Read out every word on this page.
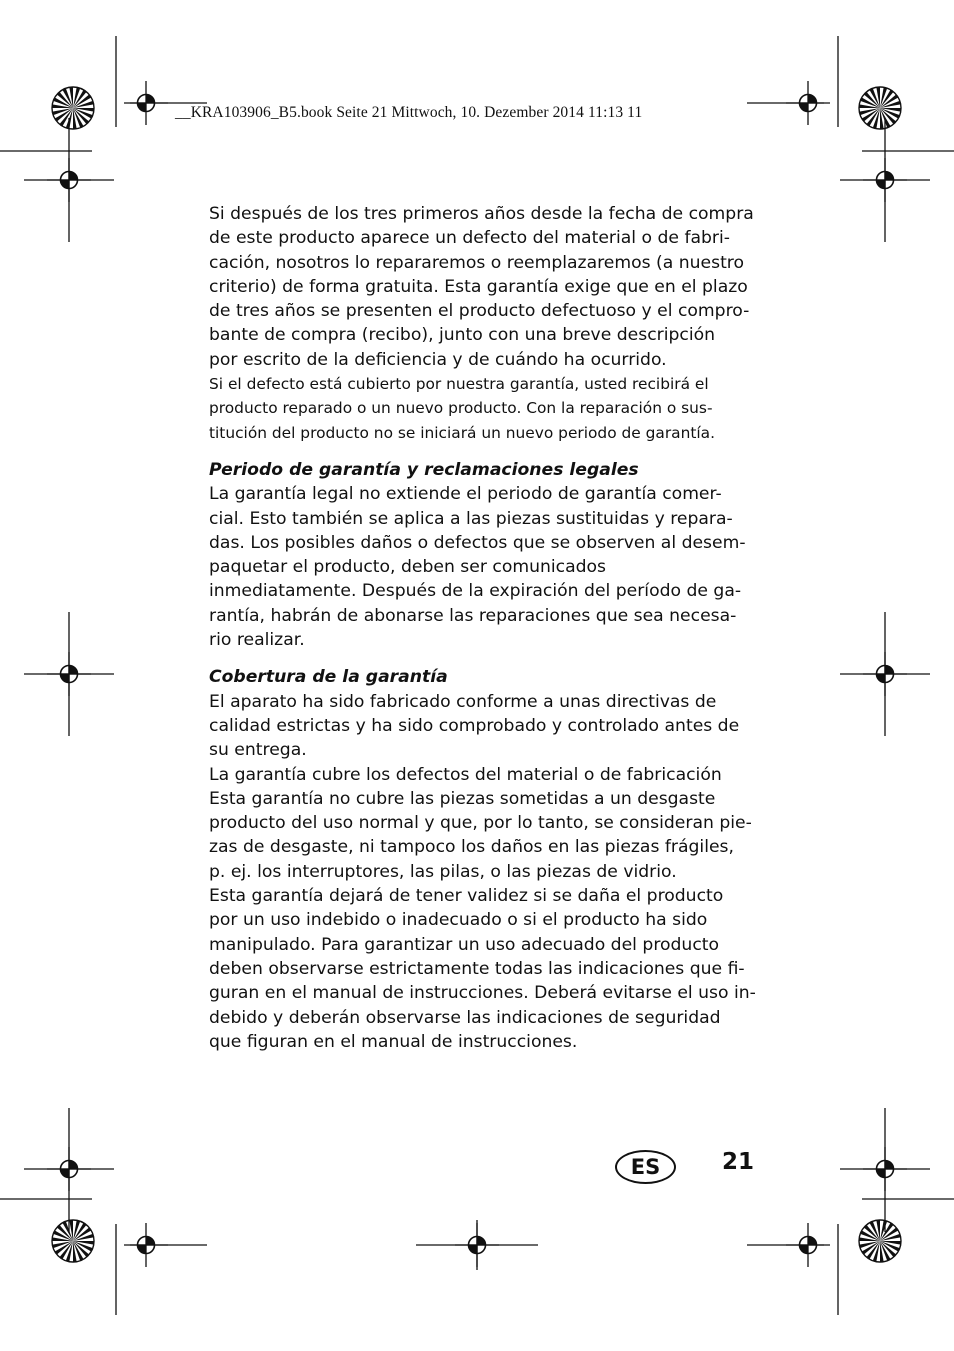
__KRA103906_B5.book Seite 21 Mittwoch, 10. Dezember 2014 11:13 11
Si después de los tres primeros años desde la fecha de compra
de este producto aparece un defecto del material o de fabri-
cación, nosotros lo repararemos o reemplazaremos (a nuestro
criterio) de forma gratuita. Esta garantía exige que en el plazo
de tres años se presenten el producto defectuoso y el compro-
bante de compra (recibo), junto con una breve descripción
por escrito de la deficiencia y de cuándo ha ocurrido.
Si el defecto está cubierto por nuestra garantía, usted recibirá el
producto reparado o un nuevo producto. Con la reparación o sus-
titución del producto no se iniciará un nuevo periodo de garantía.
Periodo de garantía y reclamaciones legales
La garantía legal no extiende el periodo de garantía comer-
cial. Esto también se aplica a las piezas sustituidas y repara-
das. Los posibles daños o defectos que se observen al desem-
paquetar el producto, deben ser comunicados
inmediatamente. Después de la expiración del período de ga-
rantía, habrán de abonarse las reparaciones que sea necesa-
rio realizar.
Cobertura de la garantía
El aparato ha sido fabricado conforme a unas directivas de
calidad estrictas y ha sido comprobado y controlado antes de
su entrega.
La garantía cubre los defectos del material o de fabricación
Esta garantía no cubre las piezas sometidas a un desgaste
producto del uso normal y que, por lo tanto, se consideran pie-
zas de desgaste, ni tampoco los daños en las piezas frágiles,
p. ej. los interruptores, las pilas, o las piezas de vidrio.
Esta garantía dejará de tener validez si se daña el producto
por un uso indebido o inadecuado o si el producto ha sido
manipulado. Para garantizar un uso adecuado del producto
deben observarse estrictamente todas las indicaciones que fi-
guran en el manual de instrucciones. Deberá evitarse el uso in-
debido y deberán observarse las indicaciones de seguridad
que figuran en el manual de instrucciones.
ES	21
